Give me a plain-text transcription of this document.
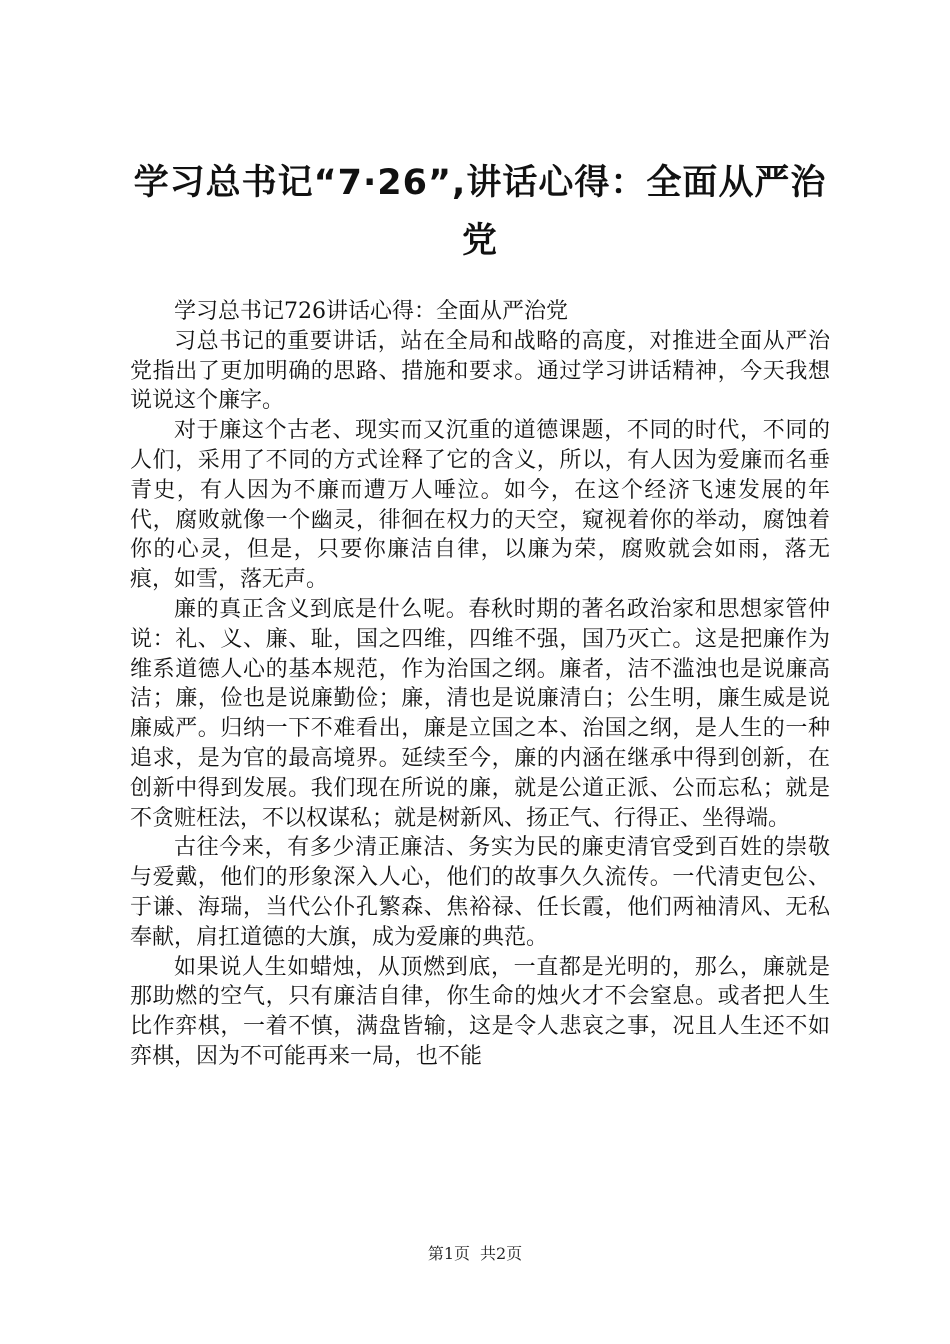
学习总书记“7·26”,讲话心得：全面从严治
党

学习总书记726讲话心得：全面从严治党

习总书记的重要讲话，站在全局和战略的高度，对推进全面从严治党指出了更加明确的思路、措施和要求。通过学习讲话精神，今天我想说说这个廉字。

对于廉这个古老、现实而又沉重的道德课题，不同的时代，不同的人们，采用了不同的方式诠释了它的含义，所以，有人因为爱廉而名垂青史，有人因为不廉而遭万人唾泣。如今，在这个经济飞速发展的年代，腐败就像一个幽灵，徘徊在权力的天空，窥视着你的举动，腐蚀着你的心灵，但是，只要你廉洁自律，以廉为荣，腐败就会如雨，落无痕，如雪，落无声。

廉的真正含义到底是什么呢。春秋时期的著名政治家和思想家管仲说：礼、义、廉、耻，国之四维，四维不强，国乃灭亡。这是把廉作为维系道德人心的基本规范，作为治国之纲。廉者，洁不滥浊也是说廉高洁；廉，俭也是说廉勤俭；廉，清也是说廉清白；公生明，廉生威是说廉威严。归纳一下不难看出，廉是立国之本、治国之纲，是人生的一种追求，是为官的最高境界。延续至今，廉的内涵在继承中得到创新，在创新中得到发展。我们现在所说的廉，就是公道正派、公而忘私；就是不贪赃枉法，不以权谋私；就是树新风、扬正气、行得正、坐得端。

古往今来，有多少清正廉洁、务实为民的廉吏清官受到百姓的崇敬与爱戴，他们的形象深入人心，他们的故事久久流传。一代清吏包公、于谦、海瑞，当代公仆孔繁森、焦裕禄、任长霞，他们两袖清风、无私奉献，肩扛道德的大旗，成为爱廉的典范。

如果说人生如蜡烛，从顶燃到底，一直都是光明的，那么，廉就是那助燃的空气，只有廉洁自律，你生命的烛火才不会窒息。或者把人生比作弈棋，一着不慎，满盘皆输，这是令人悲哀之事，况且人生还不如弈棋，因为不可能再来一局，也不能

第1页 共2页
